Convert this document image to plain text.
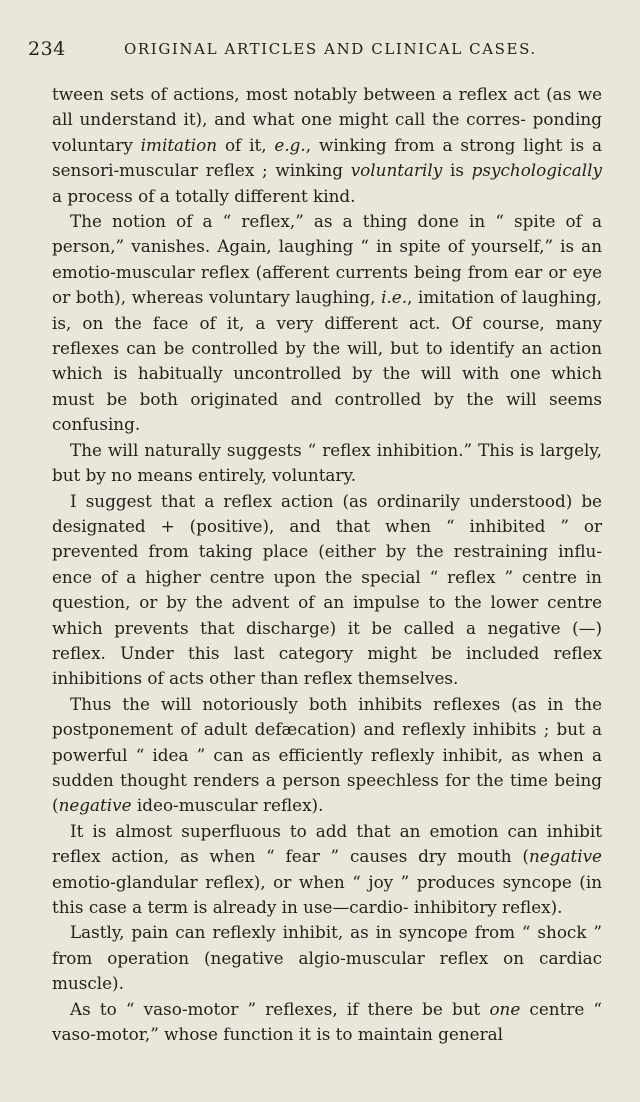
234	ORIGINAL ARTICLES AND CLINICAL CASES.

tween sets of actions, most notably between a reflex act (as we all understand it), and what one might call the corres- ponding voluntary imitation of it, e.g., winking from a strong light is a sensori-muscular reflex ; winking voluntarily is psychologically a process of a totally different kind.

The notion of a “ reflex,” as a thing done in “ spite of a person,” vanishes. Again, laughing “ in spite of yourself,” is an emotio-muscular reflex (afferent currents being from ear or eye or both), whereas voluntary laughing, i.e., imitation of laughing, is, on the face of it, a very different act. Of course, many reflexes can be controlled by the will, but to identify an action which is habitually uncontrolled by the will with one which must be both originated and controlled by the will seems confusing.

The will naturally suggests “ reflex inhibition.” This is largely, but by no means entirely, voluntary.

I suggest that a reflex action (as ordinarily understood) be designated + (positive), and that when “ inhibited ” or prevented from taking place (either by the restraining influ- ence of a higher centre upon the special “ reflex ” centre in question, or by the advent of an impulse to the lower centre which prevents that discharge) it be called a negative (—) reflex. Under this last category might be included reflex inhibitions of acts other than reflex themselves.

Thus the will notoriously both inhibits reflexes (as in the postponement of adult defæcation) and reflexly inhibits ; but a powerful “ idea ” can as efficiently reflexly inhibit, as when a sudden thought renders a person speechless for the time being (negative ideo-muscular reflex).

It is almost superfluous to add that an emotion can inhibit reflex action, as when “ fear ” causes dry mouth (negative emotio-glandular reflex), or when “ joy ” produces syncope (in this case a term is already in use—cardio- inhibitory reflex).

Lastly, pain can reflexly inhibit, as in syncope from “ shock ” from operation (negative algio-muscular reflex on cardiac muscle).

As to “ vaso-motor ” reflexes, if there be but one centre “ vaso-motor,” whose function it is to maintain general
